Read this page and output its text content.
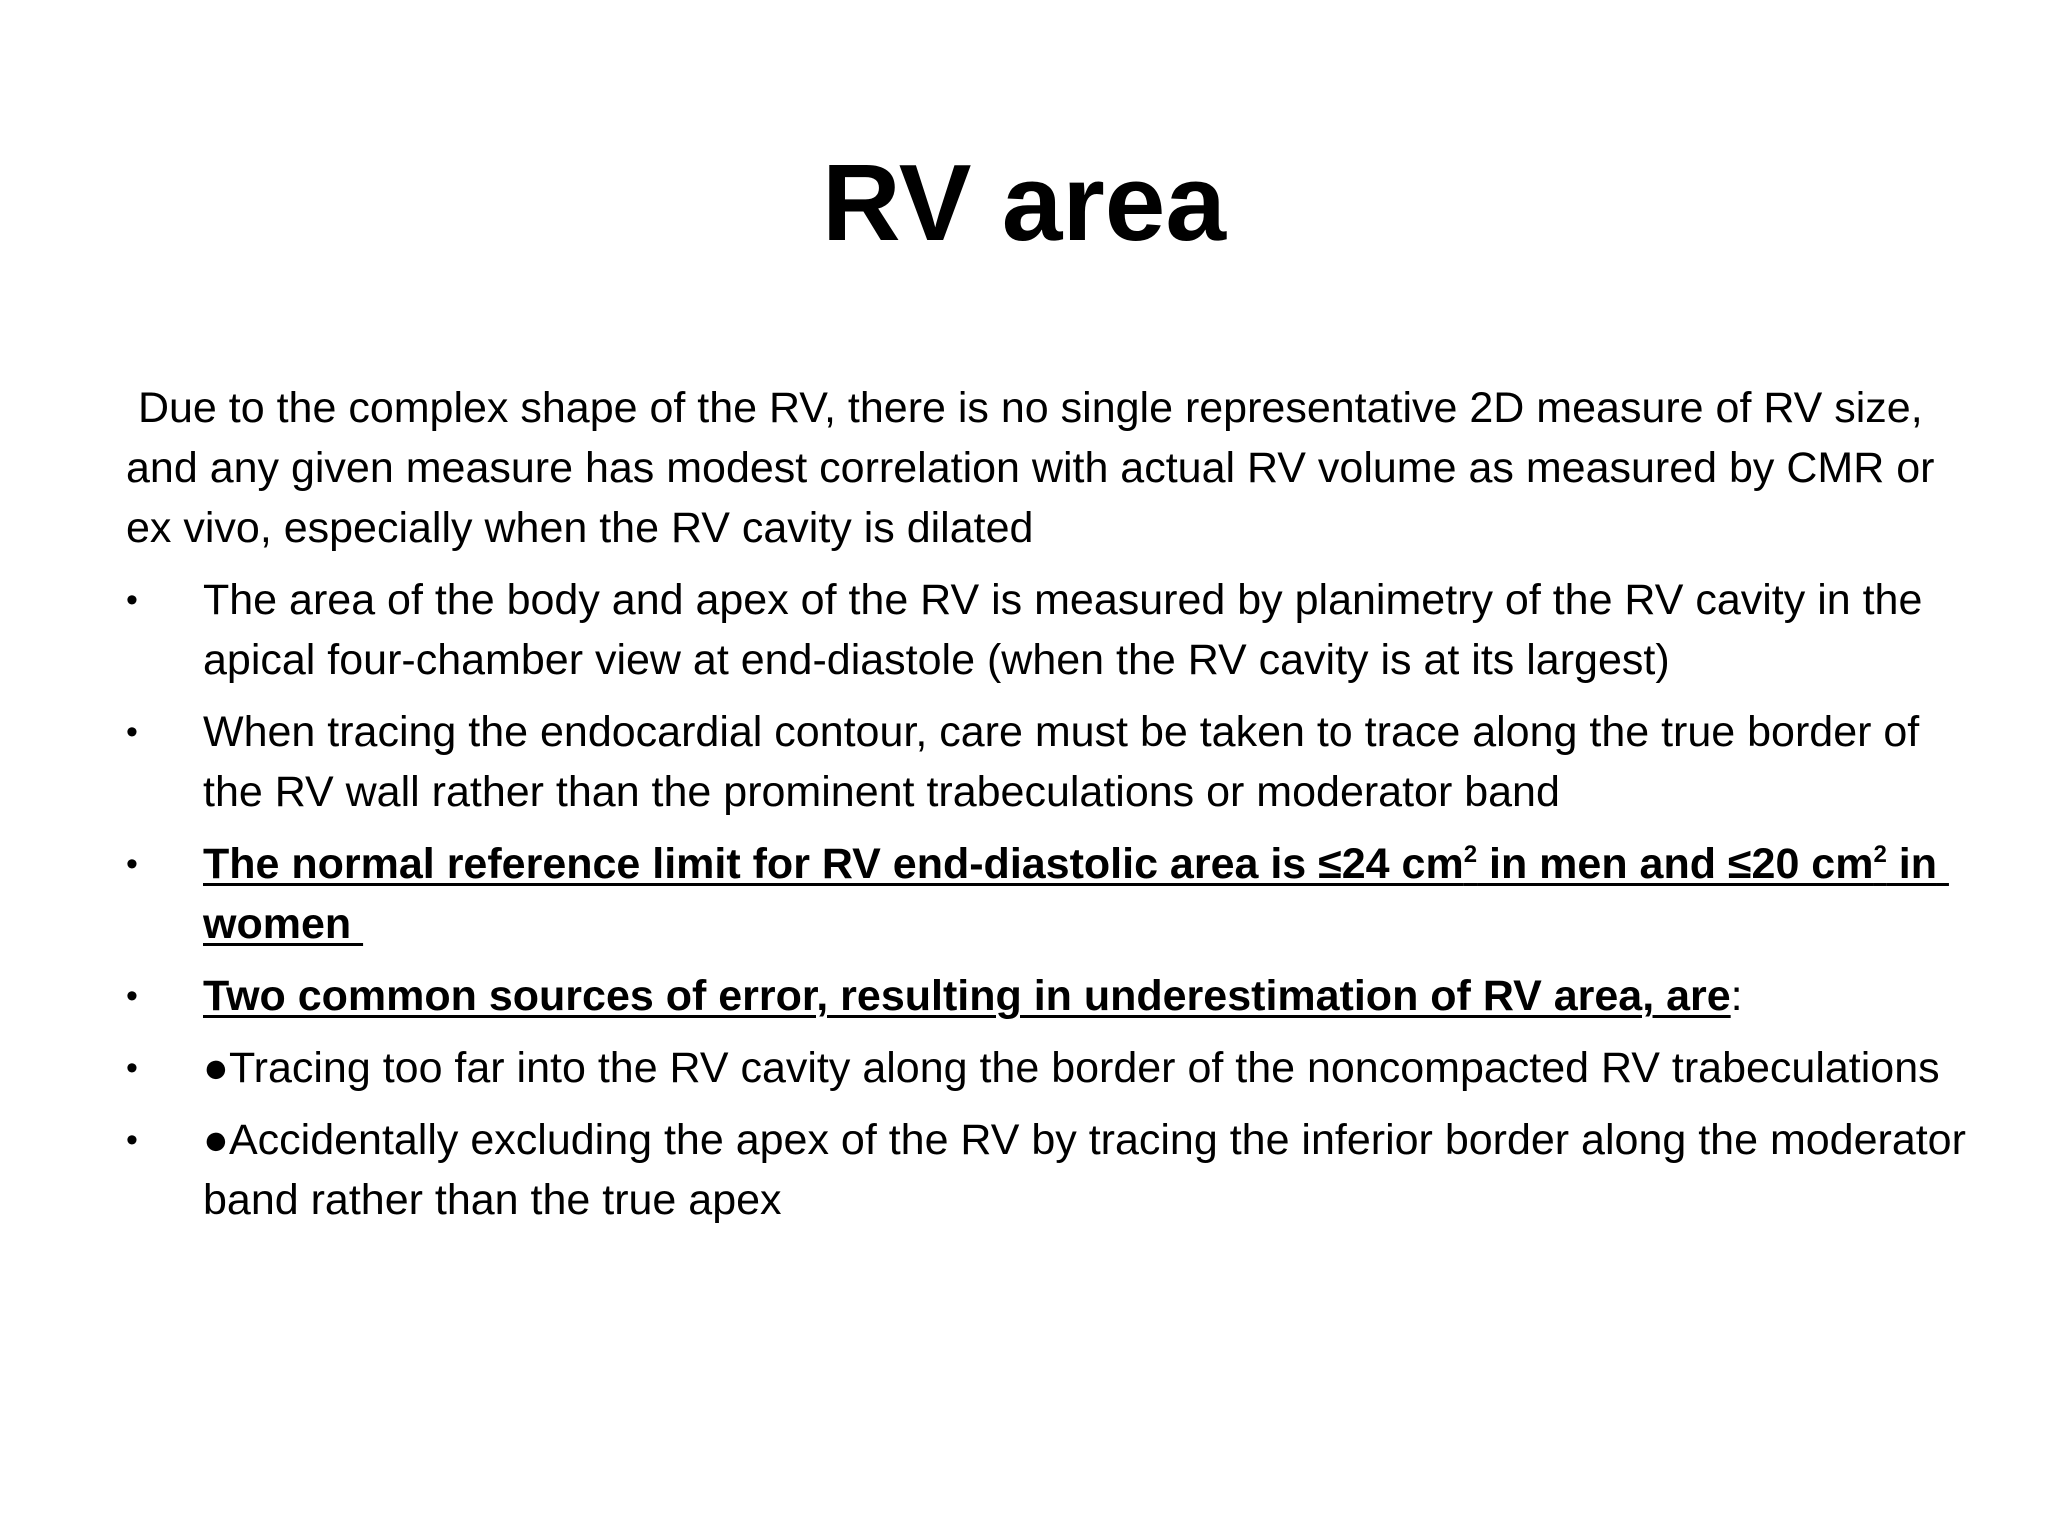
RV area
Due to the complex shape of the RV, there is no single representative 2D measure of RV size, and any given measure has modest correlation with actual RV volume as measured by CMR or ex vivo, especially when the RV cavity is dilated
•	The area of the body and apex of the RV is measured by planimetry of the RV cavity in the apical four-chamber view at end-diastole (when the RV cavity is at its largest)
•	When tracing the endocardial contour, care must be taken to trace along the true border of the RV wall rather than the prominent trabeculations or moderator band
•	The normal reference limit for RV end-diastolic area is ≤24 $cm^2$ in men and ≤20 $cm^2$ in women
•	Two common sources of error, resulting in underestimation of RV area, are:
•	●Tracing too far into the RV cavity along the border of the noncompacted RV trabeculations
•	●Accidentally excluding the apex of the RV by tracing the inferior border along the moderator band rather than the true apex
